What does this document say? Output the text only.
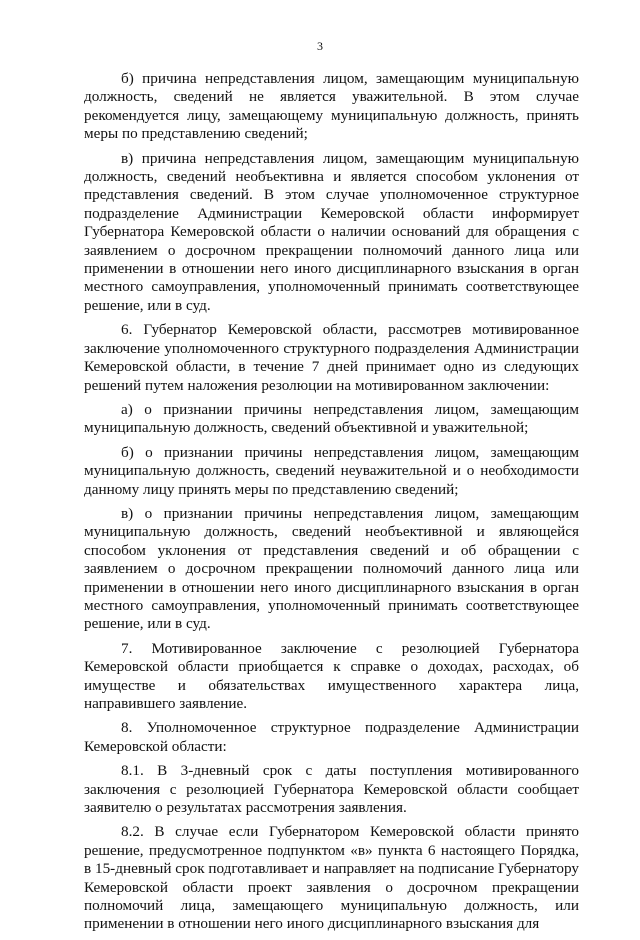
3

б) причина непредставления лицом, замещающим муниципальную должность, сведений не является уважительной. В этом случае рекомендуется лицу, замещающему муниципальную должность, принять меры по представлению сведений;

в) причина непредставления лицом, замещающим муниципальную должность, сведений необъективна и является способом уклонения от представления сведений. В этом случае уполномоченное структурное подразделение Администрации Кемеровской области информирует Губернатора Кемеровской области о наличии оснований для обращения с заявлением о досрочном прекращении полномочий данного лица или применении в отношении него иного дисциплинарного взыскания в орган местного самоуправления, уполномоченный принимать соответствующее решение, или в суд.

6. Губернатор Кемеровской области, рассмотрев мотивированное заключение уполномоченного структурного подразделения Администрации Кемеровской области, в течение 7 дней принимает одно из следующих решений путем наложения резолюции на мотивированном заключении:

а) о признании причины непредставления лицом, замещающим муниципальную должность, сведений объективной и уважительной;

б) о признании причины непредставления лицом, замещающим муниципальную должность, сведений неуважительной и о необходимости данному лицу принять меры по представлению сведений;

в) о признании причины непредставления лицом, замещающим муниципальную должность, сведений необъективной и являющейся способом уклонения от представления сведений и об обращении с заявлением о досрочном прекращении полномочий данного лица или применении в отношении него иного дисциплинарного взыскания в орган местного самоуправления, уполномоченный принимать соответствующее решение, или в суд.

7. Мотивированное заключение с резолюцией Губернатора Кемеровской области приобщается к справке о доходах, расходах, об имуществе и обязательствах имущественного характера лица, направившего заявление.

8. Уполномоченное структурное подразделение Администрации Кемеровской области:

8.1. В 3-дневный срок с даты поступления мотивированного заключения с резолюцией Губернатора Кемеровской области сообщает заявителю о результатах рассмотрения заявления.

8.2. В случае если Губернатором Кемеровской области принято решение, предусмотренное подпунктом «в» пункта 6 настоящего Порядка, в 15-дневный срок подготавливает и направляет на подписание Губернатору Кемеровской области проект заявления о досрочном прекращении полномочий лица, замещающего муниципальную должность, или применении в отношении него иного дисциплинарного взыскания для
